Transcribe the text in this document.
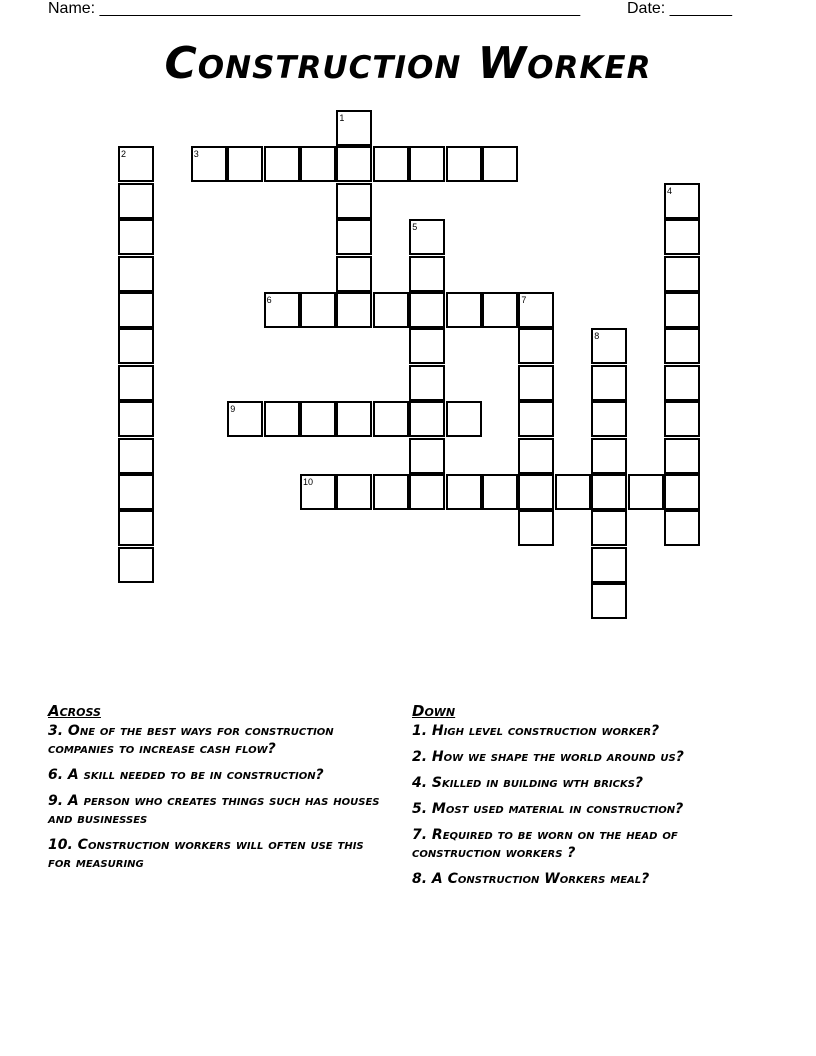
Name: ______________________________________________________	Date: _______
Construction Worker
1
2	3
4
5
6	7
8
9
10
Across

3. One of the best ways for construction companies to increase cash flow?

6. A skill needed to be in construction?

9. A person who creates things such has houses and businesses

10. Construction workers will often use this for measuring

Down

1. High level construction worker?

2. How we shape the world around us?

4. Skilled in building wth bricks?

5. Most used material in construction?

7. Required to be worn on the head of construction workers ?

8. A Construction Workers meal?
